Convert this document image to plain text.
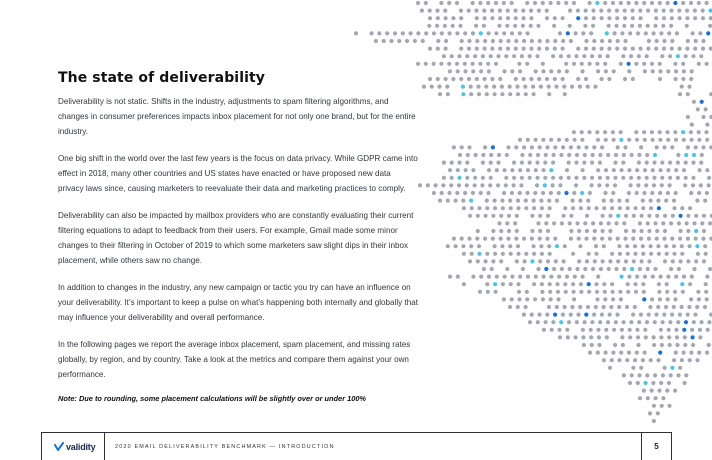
The state of deliverability

Deliverability is not static. Shifts in the industry, adjustments to spam filtering algorithms, and changes in consumer preferences impacts inbox placement for not only one brand, but for the entire industry.

One big shift in the world over the last few years is the focus on data privacy. While GDPR came into effect in 2018, many other countries and US states have enacted or have proposed new data privacy laws since, causing marketers to reevaluate their data and marketing practices to comply.

Deliverability can also be impacted by mailbox providers who are constantly evaluating their current filtering equations to adapt to feedback from their users. For example, Gmail made some minor changes to their filtering in October of 2019 to which some marketers saw slight dips in their inbox placement, while others saw no change.

In addition to changes in the industry, any new campaign or tactic you try can have an influence on your deliverability. It’s important to keep a pulse on what’s happening both internally and globally that may influence your deliverability and overall performance.

In the following pages we report the average inbox placement, spam placement, and missing rates globally, by region, and by country. Take a look at the metrics and compare them against your own performance.

Note: Due to rounding, some placement calculations will be slightly over or under 100%

validity	2020 EMAIL DELIVERABILITY BENCHMARK — INTRODUCTION	5
